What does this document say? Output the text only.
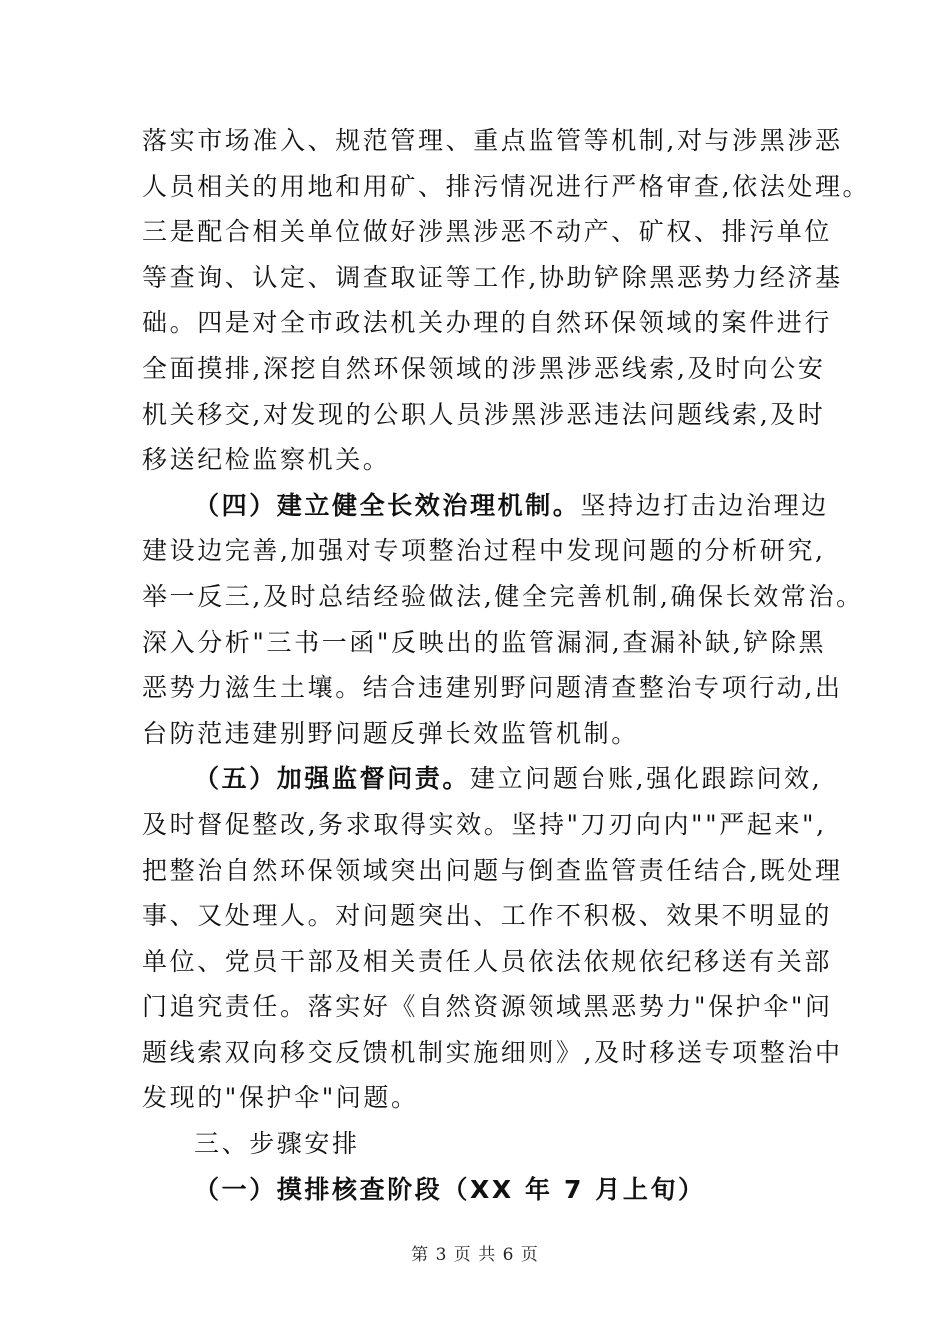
落实市场准入、规范管理、重点监管等机制,对与涉黑涉恶
人员相关的用地和用矿、排污情况进行严格审查,依法处理。
三是配合相关单位做好涉黑涉恶不动产、矿权、排污单位
等查询、认定、调查取证等工作,协助铲除黑恶势力经济基
础。四是对全市政法机关办理的自然环保领域的案件进行
全面摸排,深挖自然环保领域的涉黑涉恶线索,及时向公安
机关移交,对发现的公职人员涉黑涉恶违法问题线索,及时
移送纪检监察机关。
（四）建立健全长效治理机制。坚持边打击边治理边
建设边完善,加强对专项整治过程中发现问题的分析研究,
举一反三,及时总结经验做法,健全完善机制,确保长效常治。
深入分析"三书一函"反映出的监管漏洞,查漏补缺,铲除黑
恶势力滋生土壤。结合违建别野问题清查整治专项行动,出
台防范违建别野问题反弹长效监管机制。
（五）加强监督问责。建立问题台账,强化跟踪问效,
及时督促整改,务求取得实效。坚持"刀刃向内""严起来",
把整治自然环保领域突出问题与倒查监管责任结合,既处理
事、又处理人。对问题突出、工作不积极、效果不明显的
单位、党员干部及相关责任人员依法依规依纪移送有关部
门追究责任。落实好《自然资源领域黑恶势力"保护伞"问
题线索双向移交反馈机制实施细则》,及时移送专项整治中
发现的"保护伞"问题。
三、步骤安排
（一）摸排核查阶段（XX 年 7 月上旬）
第 3 页 共 6 页
